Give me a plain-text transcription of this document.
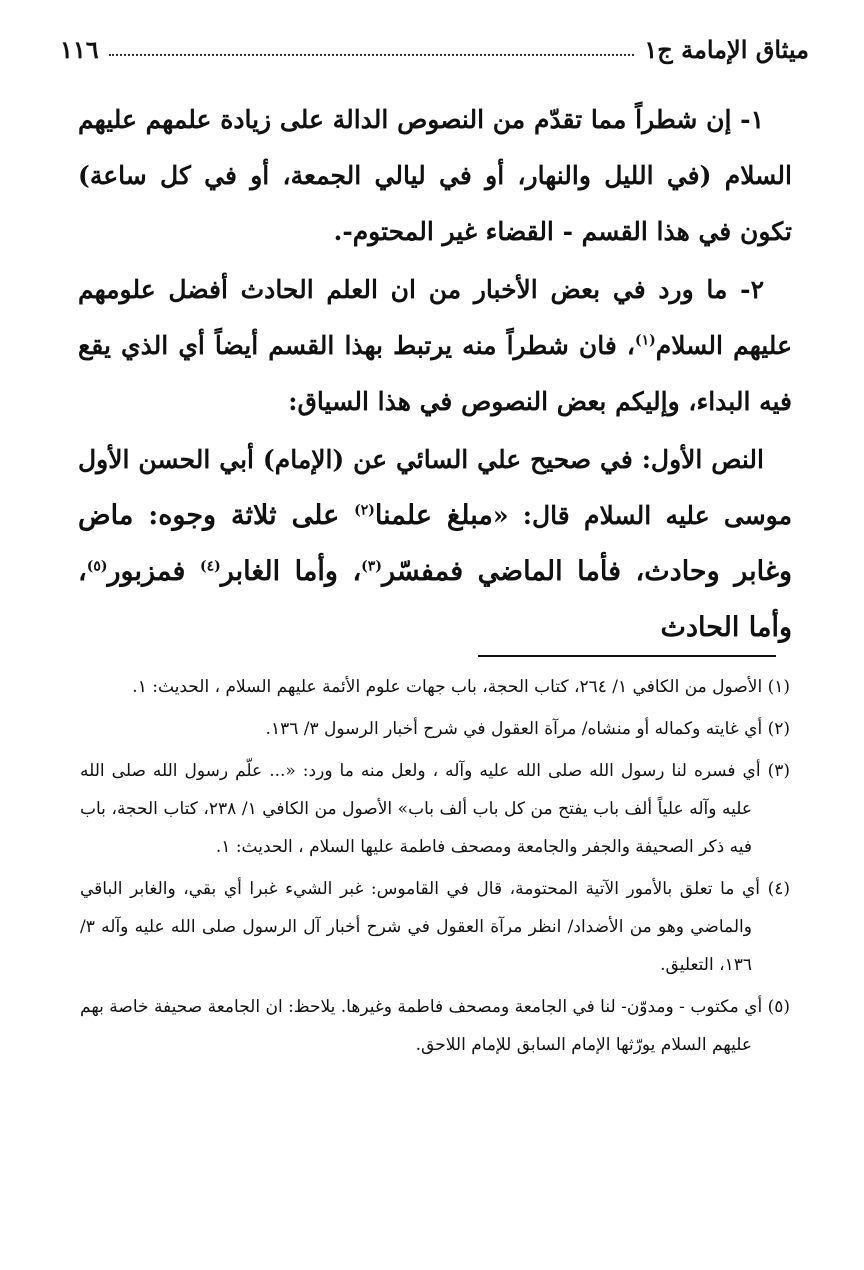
١١٦	ميثاق الإمامة ج١

١- إن شطراً مما تقدّم من النصوص الدالة على زيادة علمهم عليهم السلام (في الليل والنهار، أو في ليالي الجمعة، أو في كل ساعة) تكون في هذا القسم - القضاء غير المحتوم-.

٢- ما ورد في بعض الأخبار من ان العلم الحادث أفضل علومهم عليهم السلام$^{(١)}$، فان شطراً منه يرتبط بهذا القسم أيضاً أي الذي يقع فيه البداء، وإليكم بعض النصوص في هذا السياق:

النص الأول: في صحيح علي السائي عن (الإمام) أبي الحسن الأول موسى عليه السلام قال: «مبلغ علمنا$^{(٢)}$ على ثلاثة وجوه: ماض وغابر وحادث، فأما الماضي فمفسّر$^{(٣)}$، وأما الغابر$^{(٤)}$ فمزبور$^{(٥)}$، وأما الحادث

(١) الأصول من الكافي ١/ ٢٦٤، كتاب الحجة، باب جهات علوم الأئمة عليهم السلام ، الحديث: ١.

(٢) أي غايته وكماله أو منشاه/ مرآة العقول في شرح أخبار الرسول ٣/ ١٣٦.

(٣) أي فسره لنا رسول الله صلى الله عليه وآله ، ولعل منه ما ورد: «... علّم رسول الله صلى الله عليه وآله علياً ألف باب يفتح من كل باب ألف باب» الأصول من الكافي ١/ ٢٣٨، كتاب الحجة، باب فيه ذكر الصحيفة والجفر والجامعة ومصحف فاطمة عليها السلام ، الحديث: ١.

(٤) أي ما تعلق بالأمور الآتية المحتومة، قال في القاموس: غبر الشيء غبرا أي بقي، والغابر الباقي والماضي وهو من الأضداد/ انظر مرآة العقول في شرح أخبار آل الرسول صلى الله عليه وآله ٣/ ١٣٦، التعليق.

(٥) أي مكتوب - ومدوّن- لنا في الجامعة ومصحف فاطمة وغيرها. يلاحظ: ان الجامعة صحيفة خاصة بهم عليهم السلام يورّثها الإمام السابق للإمام اللاحق.
